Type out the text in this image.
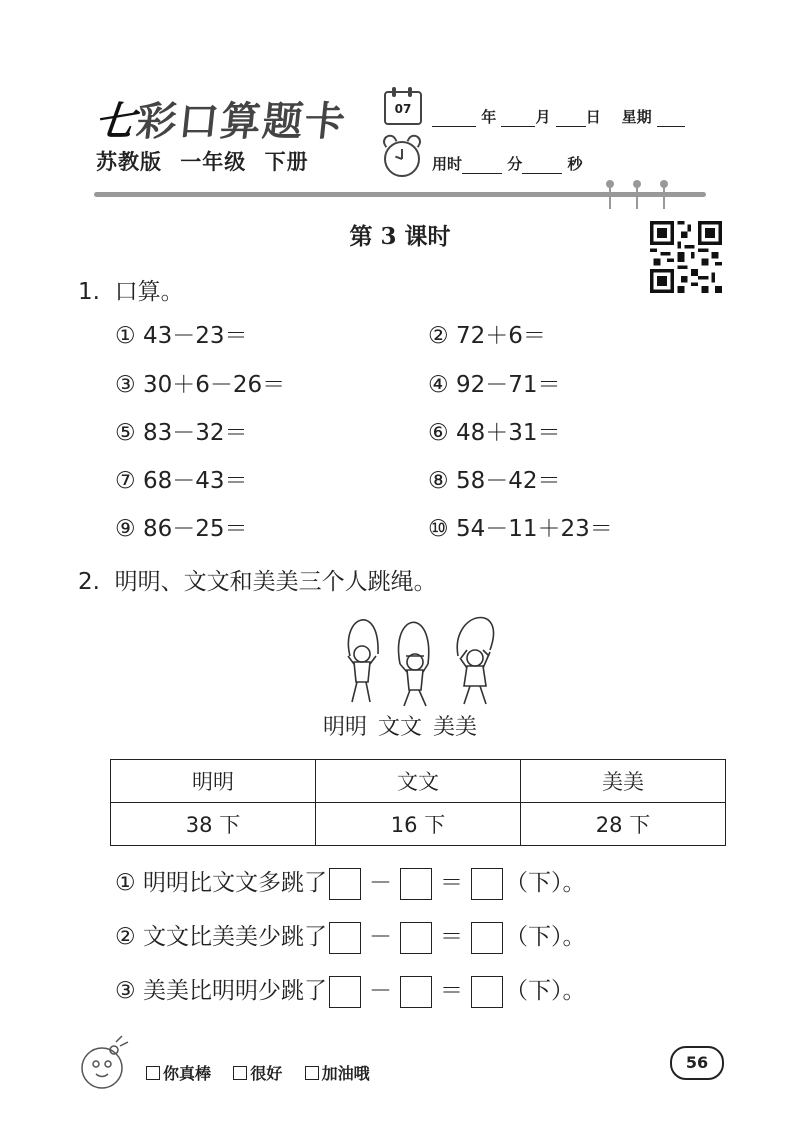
七彩口算题卡
苏教版 一年级 下册
07	年	月 日 星期
用时	分	秒
第 3 课时
1. 口算。
① 43－23＝	② 72＋6＝
③ 30＋6－26＝	④ 92－71＝
⑤ 83－32＝	⑥ 48＋31＝
⑦ 68－43＝	⑧ 58－42＝
⑨ 86－25＝	⑩ 54－11＋23＝
2. 明明、文文和美美三个人跳绳。
明明 文文 美美
明明	文文	美美
38 下	16 下	28 下
① 明明比文文多跳了 － ＝ （下）。
② 文文比美美少跳了 － ＝ （下）。
③ 美美比明明少跳了 － ＝ （下）。
你真棒 很好 加油哦
56
